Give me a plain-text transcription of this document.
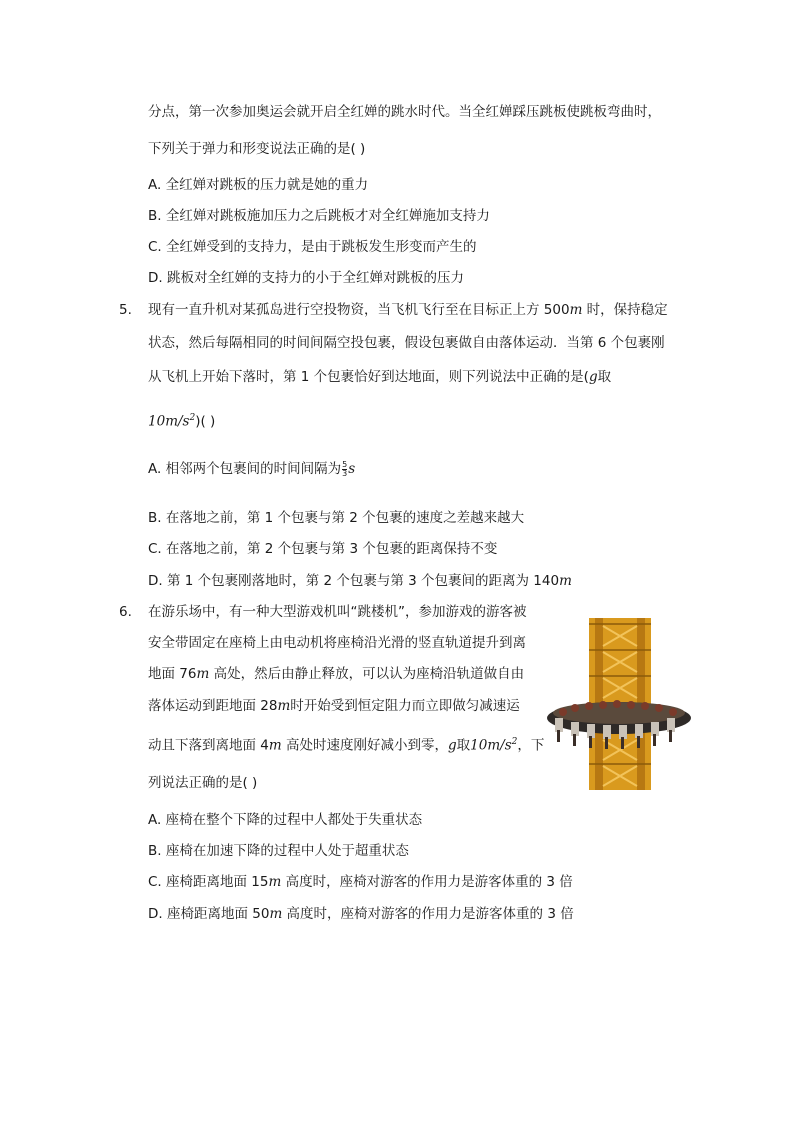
分点，第一次参加奥运会就开启全红婵的跳水时代。当全红婵踩压跳板使跳板弯曲时，
下列关于弹力和形变说法正确的是( )
A. 全红婵对跳板的压力就是她的重力
B. 全红婵对跳板施加压力之后跳板才对全红婵施加支持力
C. 全红婵受到的支持力，是由于跳板发生形变而产生的
D. 跳板对全红婵的支持力的小于全红婵对跳板的压力
5. 现有一直升机对某孤岛进行空投物资，当飞机飞行至在目标正上方 500m 时，保持稳定
状态，然后每隔相同的时间间隔空投包裹，假设包裹做自由落体运动．当第 6 个包裹刚
从飞机上开始下落时，第 1 个包裹恰好到达地面，则下列说法中正确的是(g取
$10m/s^2$)( )
A. 相邻两个包裹间的时间间隔为 $\frac{5}{3}$ s
B. 在落地之前，第 1 个包裹与第 2 个包裹的速度之差越来越大
C. 在落地之前，第 2 个包裹与第 3 个包裹的距离保持不变
D. 第 1 个包裹刚落地时，第 2 个包裹与第 3 个包裹间的距离为 140m
6. 在游乐场中，有一种大型游戏机叫“跳楼机”，参加游戏的游客被
安全带固定在座椅上由电动机将座椅沿光滑的竖直轨道提升到离
地面 76m 高处，然后由静止释放，可以认为座椅沿轨道做自由
落体运动到距地面 28m时开始受到恒定阻力而立即做匀减速运
动且下落到离地面 4m 高处时速度刚好减小到零，g取$10m/s^2$，下
列说法正确的是( )
A. 座椅在整个下降的过程中人都处于失重状态
B. 座椅在加速下降的过程中人处于超重状态
C. 座椅距离地面 15m 高度时，座椅对游客的作用力是游客体重的 3 倍
D. 座椅距离地面 50m 高度时，座椅对游客的作用力是游客体重的 3 倍
